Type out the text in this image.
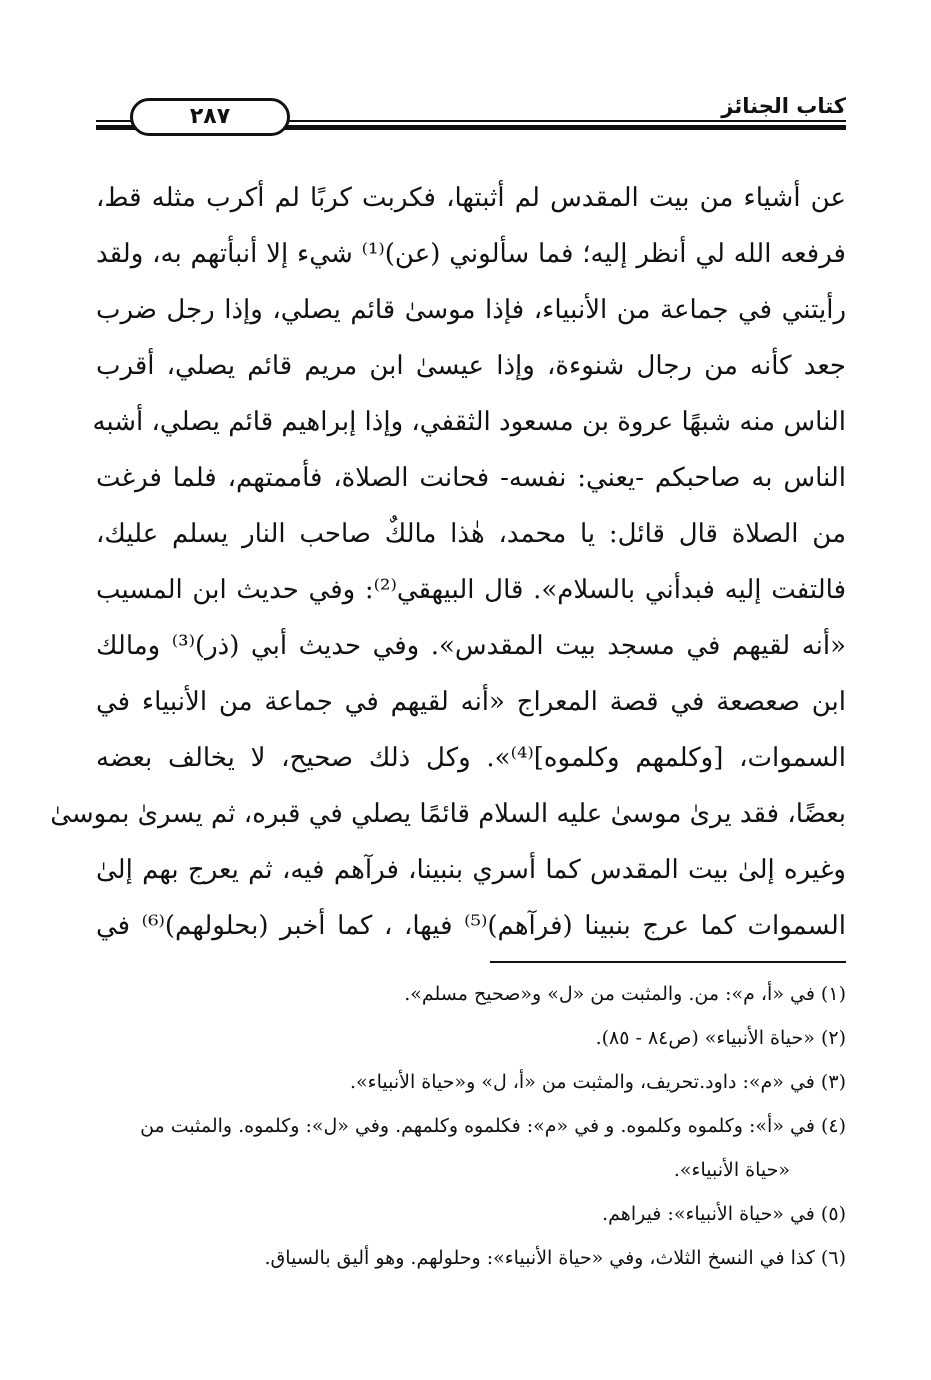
٢٨٧	كتاب الجنائز
عن أشياء من بيت المقدس لم أثبتها، فكربت كربًا لم أكرب مثله قط،
فرفعه الله لي أنظر إليه؛ فما سألوني (عن)⁽¹⁾ شيء إلا أنبأتهم به، ولقد
رأيتني في جماعة من الأنبياء، فإذا موسىٰ قائم يصلي، وإذا رجل ضرب
جعد كأنه من رجال شنوءة، وإذا عيسىٰ ابن مريم قائم يصلي، أقرب
الناس منه شبهًا عروة بن مسعود الثقفي، وإذا إبراهيم قائم يصلي، أشبه
الناس به صاحبكم -يعني: نفسه- فحانت الصلاة، فأممتهم، فلما فرغت
من الصلاة قال قائل: يا محمد، هٰذا مالكٌ صاحب النار يسلم عليك،
فالتفت إليه فبدأني بالسلام». قال البيهقي⁽²⁾: وفي حديث ابن المسيب
«أنه لقيهم في مسجد بيت المقدس». وفي حديث أبي (ذر)⁽³⁾ ومالك
ابن صعصعة في قصة المعراج «أنه لقيهم في جماعة من الأنبياء في
السموات، [وكلمهم وكلموه]⁽⁴⁾». وكل ذلك صحيح، لا يخالف بعضه
بعضًا، فقد يرىٰ موسىٰ عليه السلام قائمًا يصلي في قبره، ثم يسرىٰ بموسىٰ
وغيره إلىٰ بيت المقدس كما أسري بنبينا، فرآهم فيه، ثم يعرج بهم إلىٰ
السموات كما عرج بنبينا (فرآهم)⁽⁵⁾ فيها، ، كما أخبر (بحلولهم)⁽⁶⁾ في
(١) في «أ، م»: من. والمثبت من «ل» و«صحيح مسلم».
(٢) «حياة الأنبياء» (ص٨٤ - ٨٥).
(٣) في «م»: داود.تحريف، والمثبت من «أ، ل» و«حياة الأنبياء».
(٤) في «أ»: وكلموه وكلموه. و في «م»: فكلموه وكلمهم. وفي «ل»: وكلموه. والمثبت من
«حياة الأنبياء».
(٥) في «حياة الأنبياء»: فيراهم.
(٦) كذا في النسخ الثلاث، وفي «حياة الأنبياء»: وحلولهم. وهو أليق بالسياق.
